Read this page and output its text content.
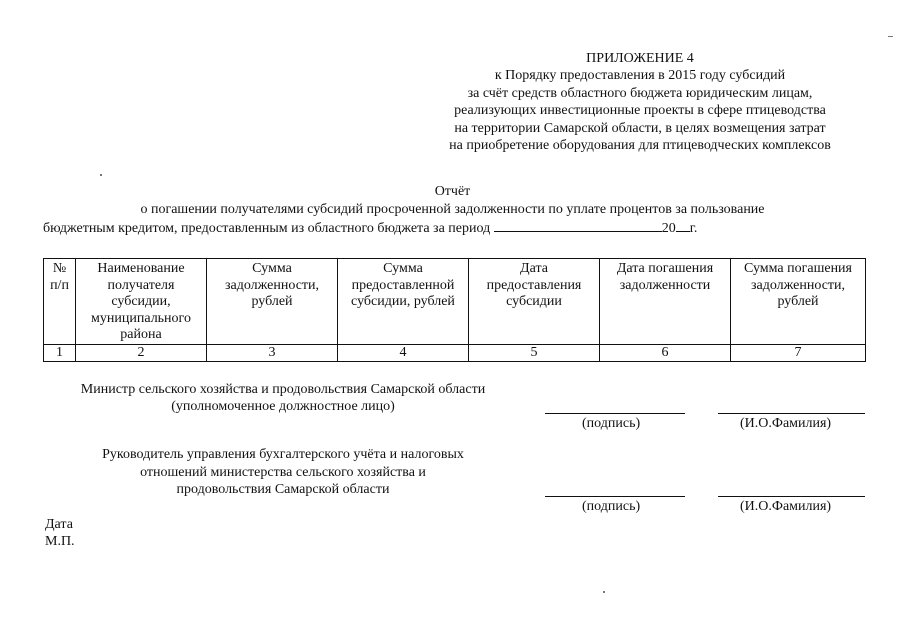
ПРИЛОЖЕНИЕ 4
к Порядку предоставления в 2015 году субсидий
за счёт средств областного бюджета юридическим лицам,
реализующих инвестиционные проекты в сфере птицеводства
на территории Самарской области, в целях возмещения затрат
на приобретение оборудования для птицеводческих комплексов
Отчёт
о погашении получателями субсидий просроченной задолженности по уплате процентов за пользование
бюджетным кредитом, предоставленным из областного бюджета за период	20 г.
№ п/п	Наименование получателя субсидии, муниципального района	Сумма задолженности, рублей	Сумма предоставленной субсидии, рублей	Дата предоставления субсидии	Дата погашения задолженности	Сумма погашения задолженности, рублей
1	2	3	4	5	6	7
Министр сельского хозяйства и продовольствия Самарской области
(уполномоченное должностное лицо)
(подпись)	(И.О.Фамилия)
Руководитель управления бухгалтерского учёта и налоговых
отношений министерства сельского хозяйства и
продовольствия Самарской области
(подпись)	(И.О.Фамилия)
Дата
М.П.
